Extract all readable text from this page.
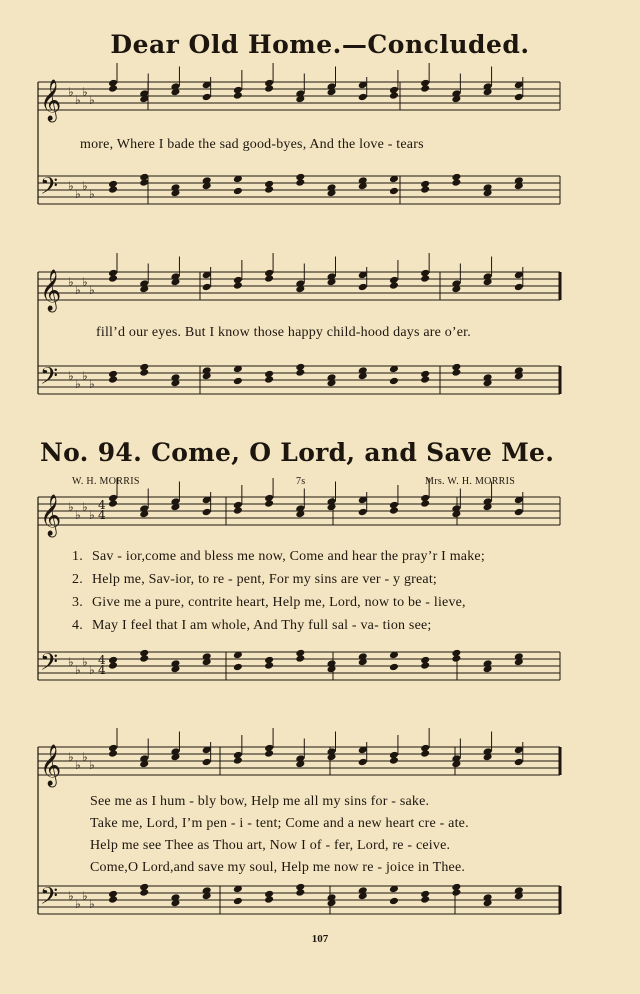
𝄞 ♭
♭
♭
♭
𝄢 ♭
♭
♭
♭
𝄞 ♭
♭
♭
♭
𝄢 ♭
♭
♭
♭
𝄞 ♭
♭
♭
♭ 4
4
𝄢 ♭
♭
♭
♭ 4
4
𝄞 ♭
♭
♭
♭
𝄢 ♭
♭
♭
♭
Dear Old Home.—Concluded.
more, Where I bade the sad good-byes, And the love - tears
fill’d our eyes. But I know those happy child-hood days are o’er.
No. 94. Come, O Lord, and Save Me.
W. H. MORRIS	7s	Mrs. W. H. MORRIS
1. Sav - ior,come and bless me now, Come and hear the pray’r I make;
2. Help me, Sav-ior, to re - pent, For my sins are ver - y great;
3. Give me a pure, contrite heart, Help me, Lord, now to be - lieve,
4. May I feel that I am whole, And Thy full sal - va- tion see;
See me as I hum - bly bow, Help me all my sins for - sake.
Take me, Lord, I’m pen - i - tent; Come and a new heart cre - ate.
Help me see Thee as Thou art, Now I of - fer, Lord, re - ceive.
Come,O Lord,and save my soul, Help me now re - joice in Thee.
107
